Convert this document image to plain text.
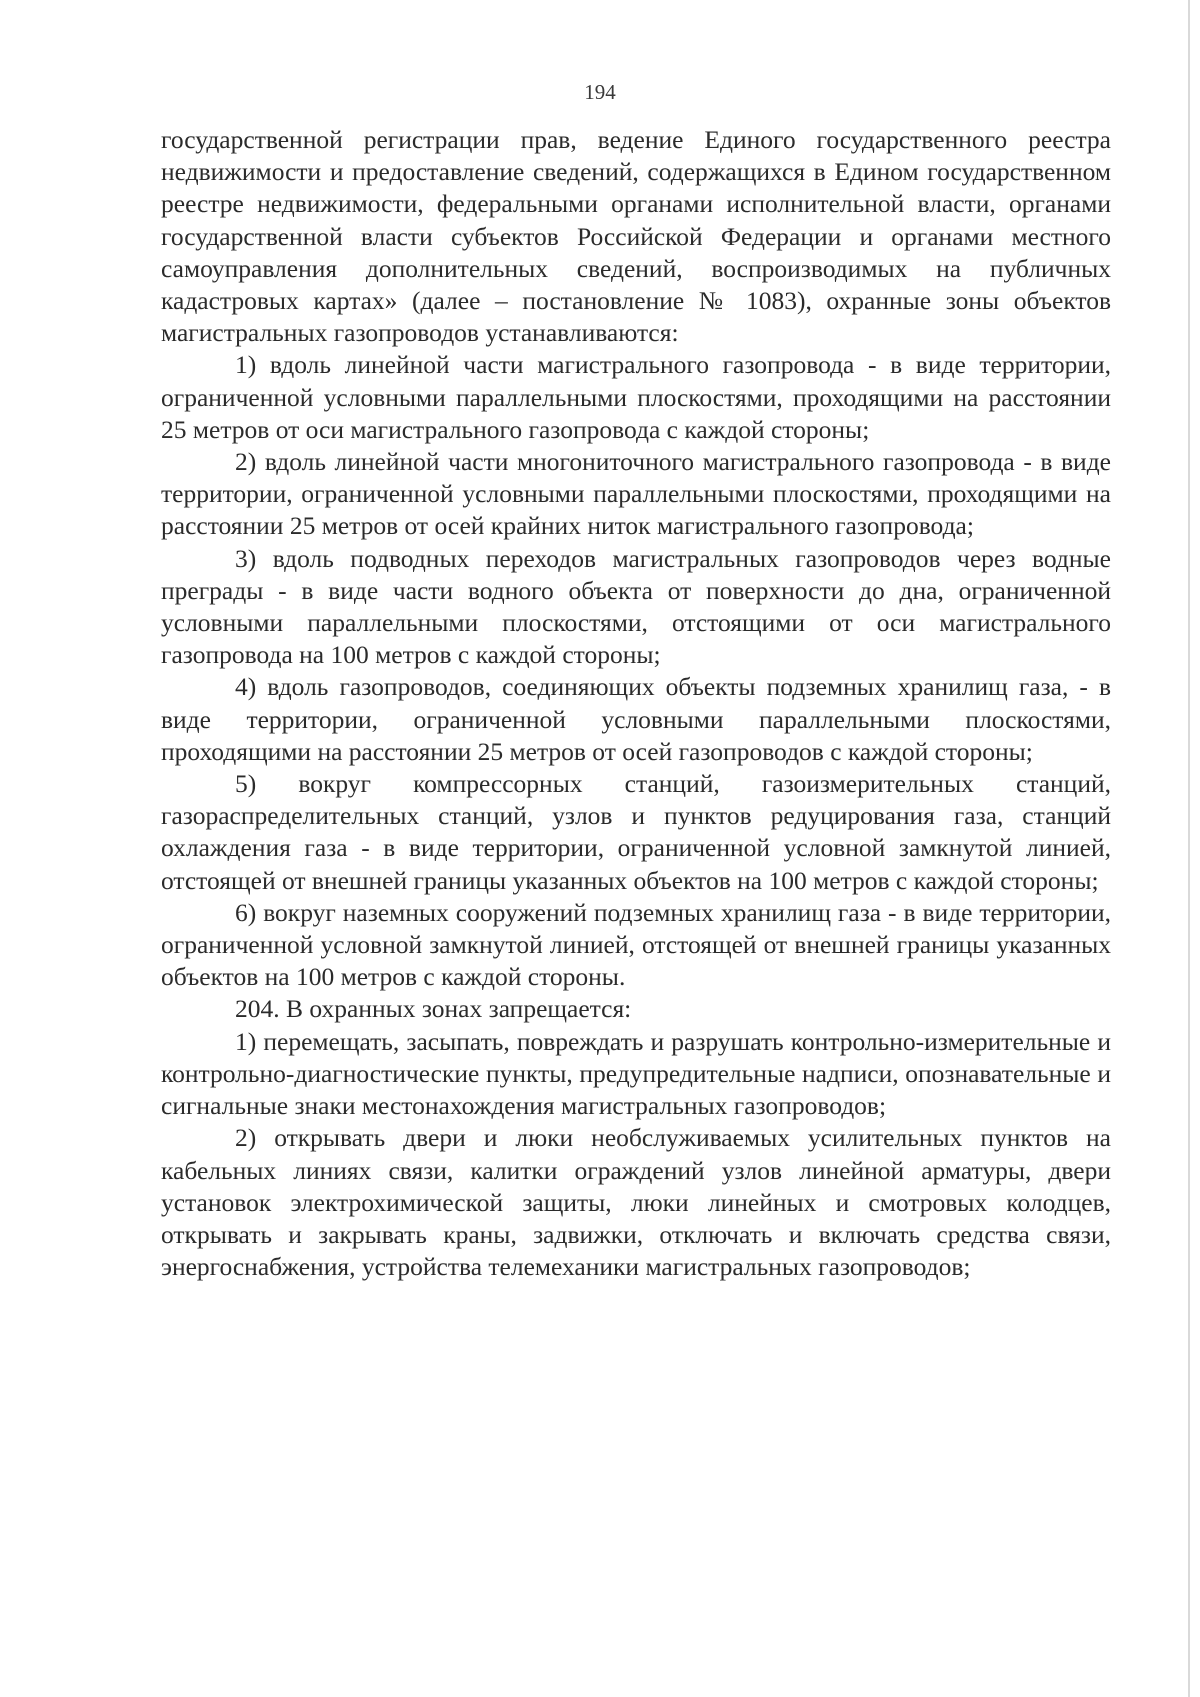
194

государственной регистрации прав, ведение Единого государственного реестра недвижимости и предоставление сведений, содержащихся в Едином государственном реестре недвижимости, федеральными органами исполнительной власти, органами государственной власти субъектов Российской Федерации и органами местного самоуправления дополнительных сведений, воспроизводимых на публичных кадастровых картах» (далее – постановление № 1083), охранные зоны объектов магистральных газопроводов устанавливаются:

1) вдоль линейной части магистрального газопровода - в виде территории, ограниченной условными параллельными плоскостями, проходящими на расстоянии 25 метров от оси магистрального газопровода с каждой стороны;

2) вдоль линейной части многониточного магистрального газопровода - в виде территории, ограниченной условными параллельными плоскостями, проходящими на расстоянии 25 метров от осей крайних ниток магистрального газопровода;

3) вдоль подводных переходов магистральных газопроводов через водные преграды - в виде части водного объекта от поверхности до дна, ограниченной условными параллельными плоскостями, отстоящими от оси магистрального газопровода на 100 метров с каждой стороны;

4) вдоль газопроводов, соединяющих объекты подземных хранилищ газа, - в виде территории, ограниченной условными параллельными плоскостями, проходящими на расстоянии 25 метров от осей газопроводов с каждой стороны;

5) вокруг компрессорных станций, газоизмерительных станций, газораспределительных станций, узлов и пунктов редуцирования газа, станций охлаждения газа - в виде территории, ограниченной условной замкнутой линией, отстоящей от внешней границы указанных объектов на 100 метров с каждой стороны;

6) вокруг наземных сооружений подземных хранилищ газа - в виде территории, ограниченной условной замкнутой линией, отстоящей от внешней границы указанных объектов на 100 метров с каждой стороны.

204. В охранных зонах запрещается:

1) перемещать, засыпать, повреждать и разрушать контрольно-измерительные и контрольно-диагностические пункты, предупредительные надписи, опознавательные и сигнальные знаки местонахождения магистральных газопроводов;

2) открывать двери и люки необслуживаемых усилительных пунктов на кабельных линиях связи, калитки ограждений узлов линейной арматуры, двери установок электрохимической защиты, люки линейных и смотровых колодцев, открывать и закрывать краны, задвижки, отключать и включать средства связи, энергоснабжения, устройства телемеханики магистральных газопроводов;
